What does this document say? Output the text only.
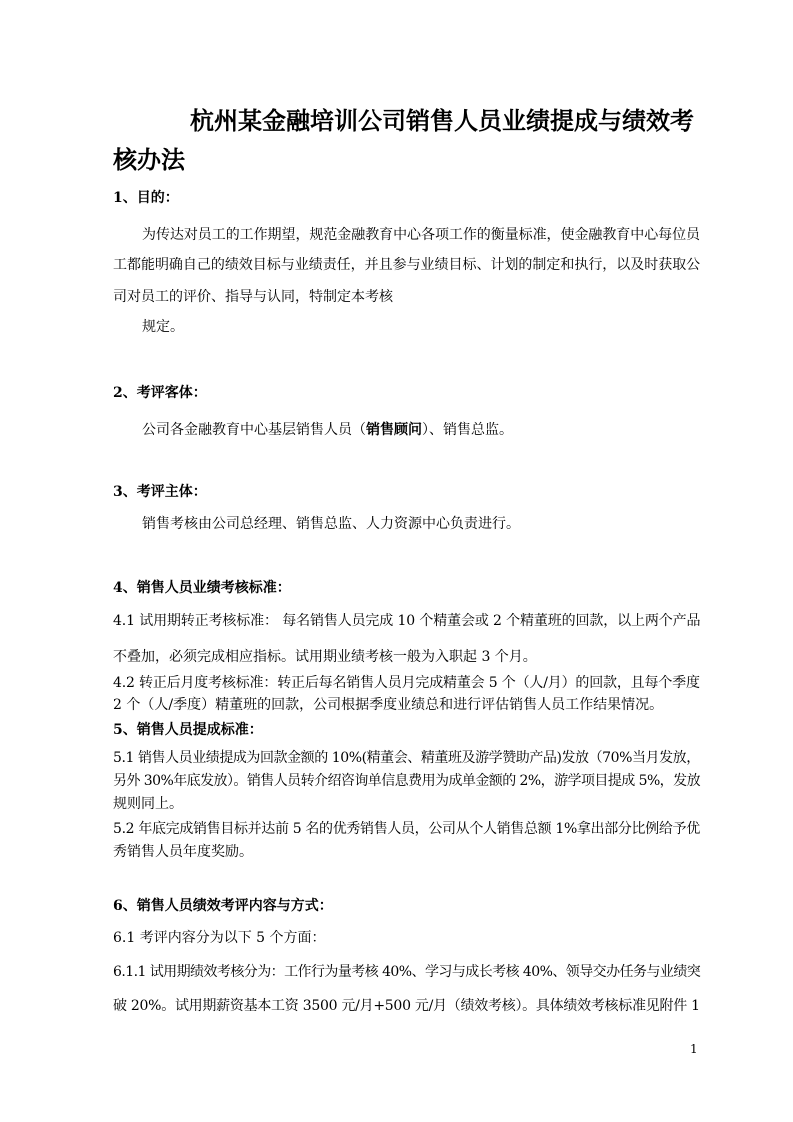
杭州某金融培训公司销售人员业绩提成与绩效考
核办法
1、目的：
为传达对员工的工作期望，规范金融教育中心各项工作的衡量标准，使金融教育中心每位员
工都能明确自己的绩效目标与业绩责任，并且参与业绩目标、计划的制定和执行，以及时获取公
司对员工的评价、指导与认同，特制定本考核
规定。
2、考评客体：
公司各金融教育中心基层销售人员（销售顾问）、销售总监。
3、考评主体：
销售考核由公司总经理、销售总监、人力资源中心负责进行。
4、销售人员业绩考核标准：
4.1 试用期转正考核标准： 每名销售人员完成 10 个精董会或 2 个精董班的回款，以上两个产品
不叠加，必须完成相应指标。试用期业绩考核一般为入职起 3 个月。
4.2 转正后月度考核标准：转正后每名销售人员月完成精董会 5 个（人/月）的回款，且每个季度
2 个（人/季度）精董班的回款，公司根据季度业绩总和进行评估销售人员工作结果情况。
5、销售人员提成标准：
5.1 销售人员业绩提成为回款金额的 10%(精董会、精董班及游学赞助产品)发放（70%当月发放，
另外 30%年底发放）。销售人员转介绍咨询单信息费用为成单金额的 2%，游学项目提成 5%，发放
规则同上。
5.2 年底完成销售目标并达前 5 名的优秀销售人员，公司从个人销售总额 1%拿出部分比例给予优
秀销售人员年度奖励。
6、销售人员绩效考评内容与方式：
6.1 考评内容分为以下 5 个方面：
6.1.1 试用期绩效考核分为：工作行为量考核 40%、学习与成长考核 40%、领导交办任务与业绩突
破 20%。试用期薪资基本工资 3500 元/月+500 元/月（绩效考核）。具体绩效考核标准见附件 1
1
